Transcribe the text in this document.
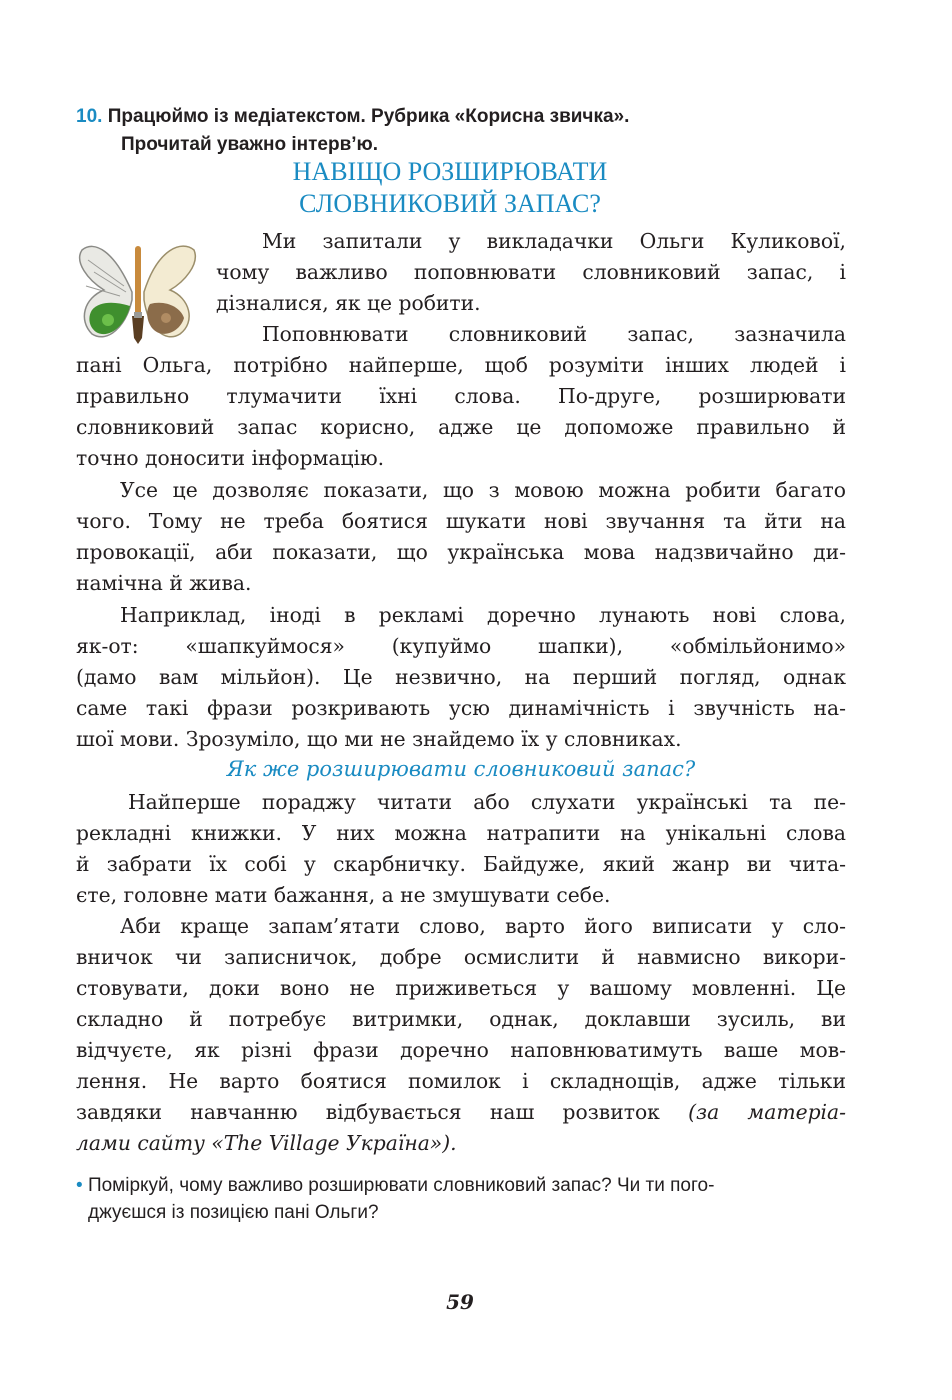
10. Працюймо із медіатекстом. Рубрика «Корисна звичка».
Прочитай уважно інтерв’ю.
НАВІЩО РОЗШИРЮВАТИ
СЛОВНИКОВИЙ ЗАПАС?
Ми запитали у викладачки Ольги Куликової,
чому важливо поповнювати словниковий запас, і
дізналися, як це робити.
Поповнювати словниковий запас, зазначила
пані Ольга, потрібно найперше, щоб розуміти інших людей і
правильно тлумачити їхні слова. По-друге, розширювати
словниковий запас корисно, адже це допоможе правильно й
точно доносити інформацію.
Усе це дозволяє показати, що з мовою можна робити багато
чого. Тому не треба боятися шукати нові звучання та йти на
провокації, аби показати, що українська мова надзвичайно ди-
намічна й жива.
Наприклад, іноді в рекламі доречно лунають нові слова,
як-от: «шапкуймося» (купуймо шапки), «обмільйонимо»
(дамо вам мільйон). Це незвично, на перший погляд, однак
саме такі фрази розкривають усю динамічність і звучність на-
шої мови. Зрозуміло, що ми не знайдемо їх у словниках.
Як же розширювати словниковий запас?
Найперше пораджу читати або слухати українські та пе-
рекладні книжки. У них можна натрапити на унікальні слова
й забрати їх собі у скарбничку. Байдуже, який жанр ви чита-
єте, головне мати бажання, а не змушувати себе.
Аби краще запам’ятати слово, варто його виписати у сло-
вничок чи записничок, добре осмислити й навмисно викори-
стовувати, доки воно не приживеться у вашому мовленні. Це
складно й потребує витримки, однак, доклавши зусиль, ви
відчуєте, як різні фрази доречно наповнюватимуть ваше мов-
лення. Не варто боятися помилок і складнощів, адже тільки
завдяки навчанню відбувається наш розвиток (за матеріа-
лами сайту «The Village Україна»).
• Поміркуй, чому важливо розширювати словниковий запас? Чи ти пого-
джуєшся із позицією пані Ольги?
59
